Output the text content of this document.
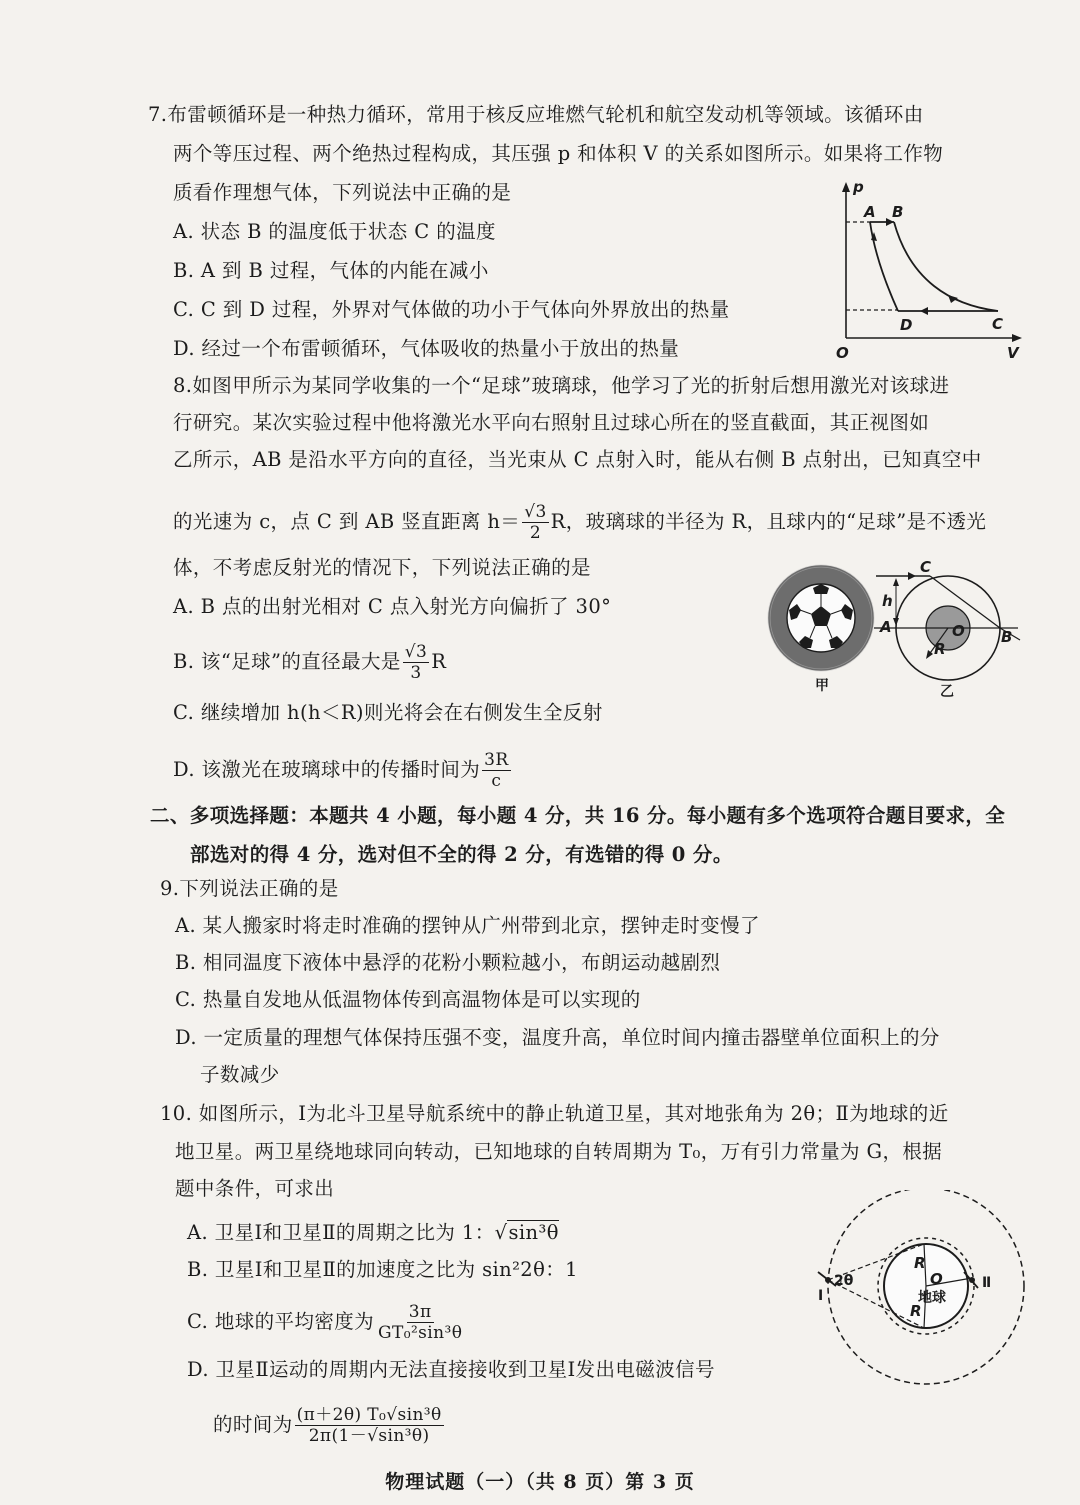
7.布雷顿循环是一种热力循环，常用于核反应堆燃气轮机和航空发动机等领域。该循环由
两个等压过程、两个绝热过程构成，其压强 p 和体积 V 的关系如图所示。如果将工作物
质看作理想气体，下列说法中正确的是
A. 状态 B 的温度低于状态 C 的温度
B. A 到 B 过程，气体的内能在减小
C. C 到 D 过程，外界对气体做的功小于气体向外界放出的热量
D. 经过一个布雷顿循环，气体吸收的热量小于放出的热量
p
V
O
A B
C
D
8.如图甲所示为某同学收集的一个“足球”玻璃球，他学习了光的折射后想用激光对该球进
行研究。某次实验过程中他将激光水平向右照射且过球心所在的竖直截面，其正视图如
乙所示，AB 是沿水平方向的直径，当光束从 C 点射入时，能从右侧 B 点射出，已知真空中
的光速为 c，点 C 到 AB 竖直距离 $h= \frac{√3}{2}$ R，玻璃球的半径为 R，且球内的“足球”是不透光
体，不考虑反射光的情况下，下列说法正确的是
A. B 点的出射光相对 C 点入射光方向偏折了 30°
B. 该“足球”的直径最大是 $\frac{√3}{3}$ R
C. 继续增加 h(h＜R)则光将会在右侧发生全反射
D. 该激光在玻璃球中的传播时间为 $\frac{3R}{c}$
甲
C
h
A	O B
R
乙
二、多项选择题：本题共 4 小题，每小题 4 分，共 16 分。每小题有多个选项符合题目要求，全
部选对的得 4 分，选对但不全的得 2 分，有选错的得 0 分。
9.下列说法正确的是
A. 某人搬家时将走时准确的摆钟从广州带到北京，摆钟走时变慢了
B. 相同温度下液体中悬浮的花粉小颗粒越小，布朗运动越剧烈
C. 热量自发地从低温物体传到高温物体是可以实现的
D. 一定质量的理想气体保持压强不变，温度升高，单位时间内撞击器壁单位面积上的分
子数减少
10. 如图所示，Ⅰ为北斗卫星导航系统中的静止轨道卫星，其对地张角为 2θ；Ⅱ为地球的近
地卫星。两卫星绕地球同向转动，已知地球的自转周期为 T₀，万有引力常量为 G，根据
题中条件，可求出
A. 卫星Ⅰ和卫星Ⅱ的周期之比为 1：√sin³θ
B. 卫星Ⅰ和卫星Ⅱ的加速度之比为 sin²2θ：1
C. 地球的平均密度为 $\frac{3\pi}{\text{GT₀²sin³θ}}$
D. 卫星Ⅱ运动的周期内无法直接接收到卫星Ⅰ发出电磁波信号
的时间为 $\frac{\text{(π＋2θ) T₀√sin³θ}}{\text{2π(1－√sin³θ)}}$
2θ
Ⅰ
Ⅱ
R
O
R
地球
物理试题（一）（共 8 页）第 3 页
